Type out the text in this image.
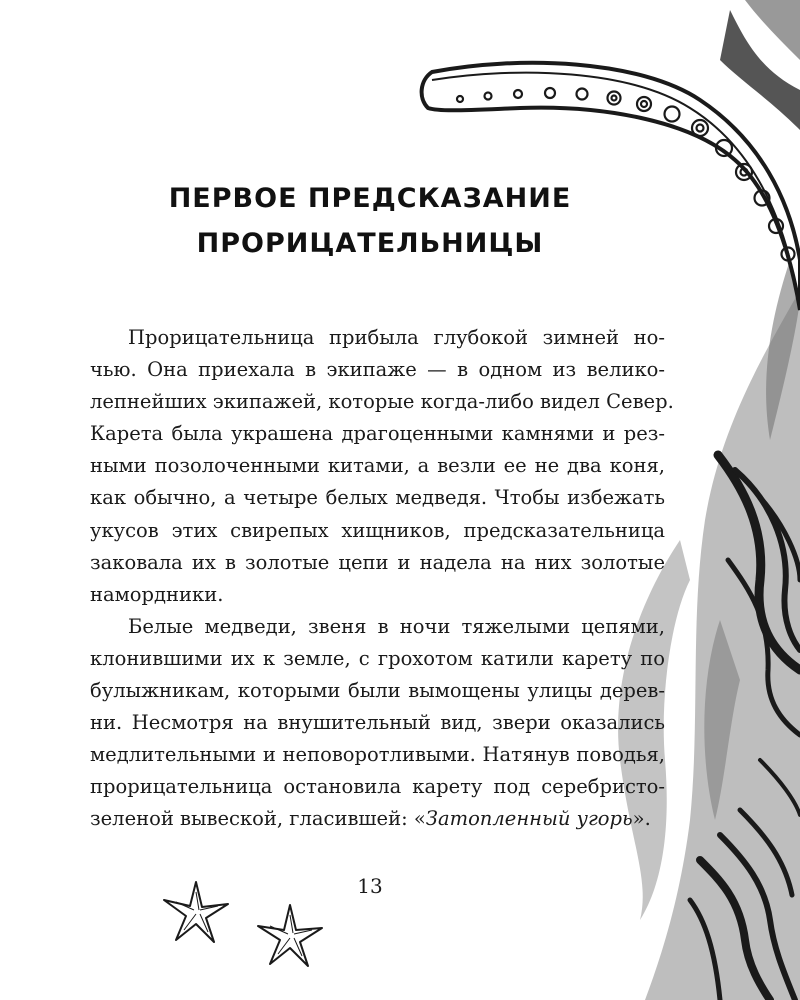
ПЕРВОЕ ПРЕДСКАЗАНИЕ
ПРОРИЦАТЕЛЬНИЦЫ

Прорицательница прибыла глубокой зимней но-
чью. Она приехала в экипаже — в одном из велико-
лепнейших экипажей, которые когда-либо видел Север.
Карета была украшена драгоценными камнями и рез-
ными позолоченными китами, а везли ее не два коня,
как обычно, а четыре белых медведя. Чтобы избежать
укусов этих свирепых хищников, предсказательница
заковала их в золотые цепи и надела на них золотые
намордники.

Белые медведи, звеня в ночи тяжелыми цепями,
клонившими их к земле, с грохотом катили карету по
булыжникам, которыми были вымощены улицы дерев-
ни. Несмотря на внушительный вид, звери оказались
медлительными и неповоротливыми. Натянув поводья,
прорицательница остановила карету под серебристо-
зеленой вывеской, гласившей: «Затопленный угорь».

13
